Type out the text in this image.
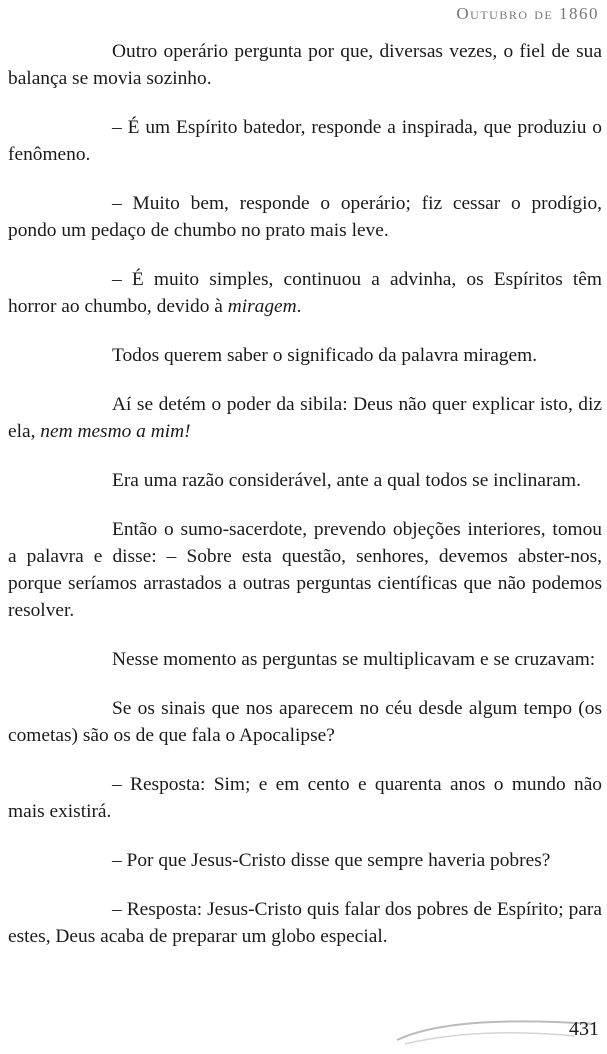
Outubro de 1860

Outro operário pergunta por que, diversas vezes, o fiel de sua balança se movia sozinho.

– É um Espírito batedor, responde a inspirada, que produziu o fenômeno.

– Muito bem, responde o operário; fiz cessar o prodígio, pondo um pedaço de chumbo no prato mais leve.

– É muito simples, continuou a advinha, os Espíritos têm horror ao chumbo, devido à miragem.

Todos querem saber o significado da palavra miragem.

Aí se detém o poder da sibila: Deus não quer explicar isto, diz ela, nem mesmo a mim!

Era uma razão considerável, ante a qual todos se inclinaram.

Então o sumo-sacerdote, prevendo objeções interiores, tomou a palavra e disse: – Sobre esta questão, senhores, devemos abster-nos, porque seríamos arrastados a outras perguntas científicas que não podemos resolver.

Nesse momento as perguntas se multiplicavam e se cruzavam:

Se os sinais que nos aparecem no céu desde algum tempo (os cometas) são os de que fala o Apocalipse?

– Resposta: Sim; e em cento e quarenta anos o mundo não mais existirá.

– Por que Jesus-Cristo disse que sempre haveria pobres?

– Resposta: Jesus-Cristo quis falar dos pobres de Espírito; para estes, Deus acaba de preparar um globo especial.

431
